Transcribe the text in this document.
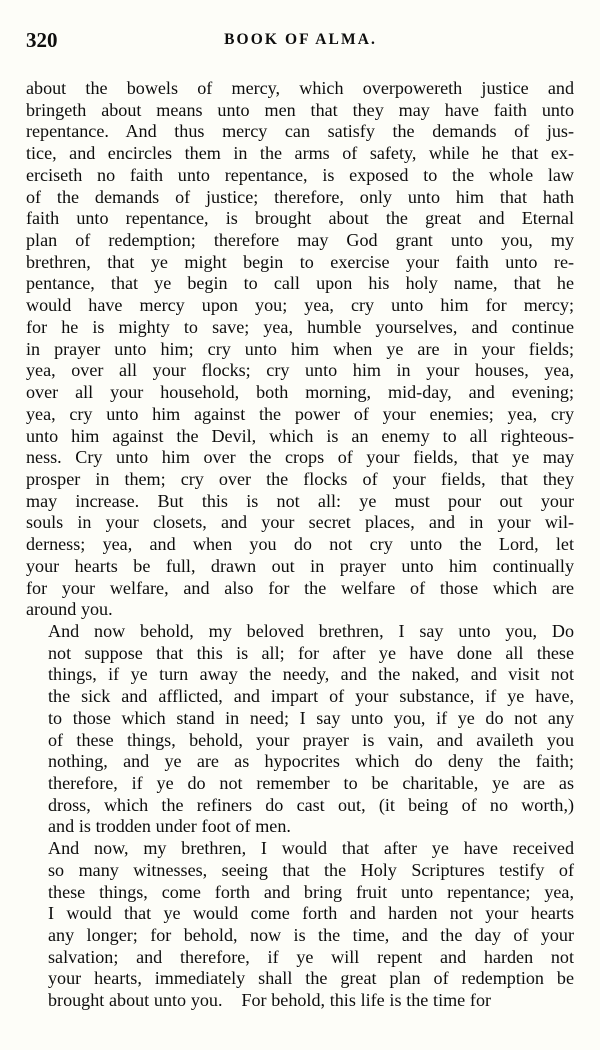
320	BOOK OF ALMA.

about the bowels of mercy, which overpowereth justice and
bringeth about means unto men that they may have faith unto
repentance. And thus mercy can satisfy the demands of jus-
tice, and encircles them in the arms of safety, while he that ex-
erciseth no faith unto repentance, is exposed to the whole law
of the demands of justice; therefore, only unto him that hath
faith unto repentance, is brought about the great and Eternal
plan of redemption; therefore may God grant unto you, my
brethren, that ye might begin to exercise your faith unto re-
pentance, that ye begin to call upon his holy name, that he
would have mercy upon you; yea, cry unto him for mercy;
for he is mighty to save; yea, humble yourselves, and continue
in prayer unto him; cry unto him when ye are in your fields;
yea, over all your flocks; cry unto him in your houses, yea,
over all your household, both morning, mid-day, and evening;
yea, cry unto him against the power of your enemies; yea, cry
unto him against the Devil, which is an enemy to all righteous-
ness. Cry unto him over the crops of your fields, that ye may
prosper in them; cry over the flocks of your fields, that they
may increase. But this is not all: ye must pour out your
souls in your closets, and your secret places, and in your wil-
derness; yea, and when you do not cry unto the Lord, let
your hearts be full, drawn out in prayer unto him continually
for your welfare, and also for the welfare of those which are
around you.

And now behold, my beloved brethren, I say unto you, Do
not suppose that this is all; for after ye have done all these
things, if ye turn away the needy, and the naked, and visit not
the sick and afflicted, and impart of your substance, if ye have,
to those which stand in need; I say unto you, if ye do not any
of these things, behold, your prayer is vain, and availeth you
nothing, and ye are as hypocrites which do deny the faith;
therefore, if ye do not remember to be charitable, ye are as
dross, which the refiners do cast out, (it being of no worth,)
and is trodden under foot of men.

And now, my brethren, I would that after ye have received
so many witnesses, seeing that the Holy Scriptures testify of
these things, come forth and bring fruit unto repentance; yea,
I would that ye would come forth and harden not your hearts
any longer; for behold, now is the time, and the day of your
salvation; and therefore, if ye will repent and harden not
your hearts, immediately shall the great plan of redemption be
brought about unto you.    For behold, this life is the time for
